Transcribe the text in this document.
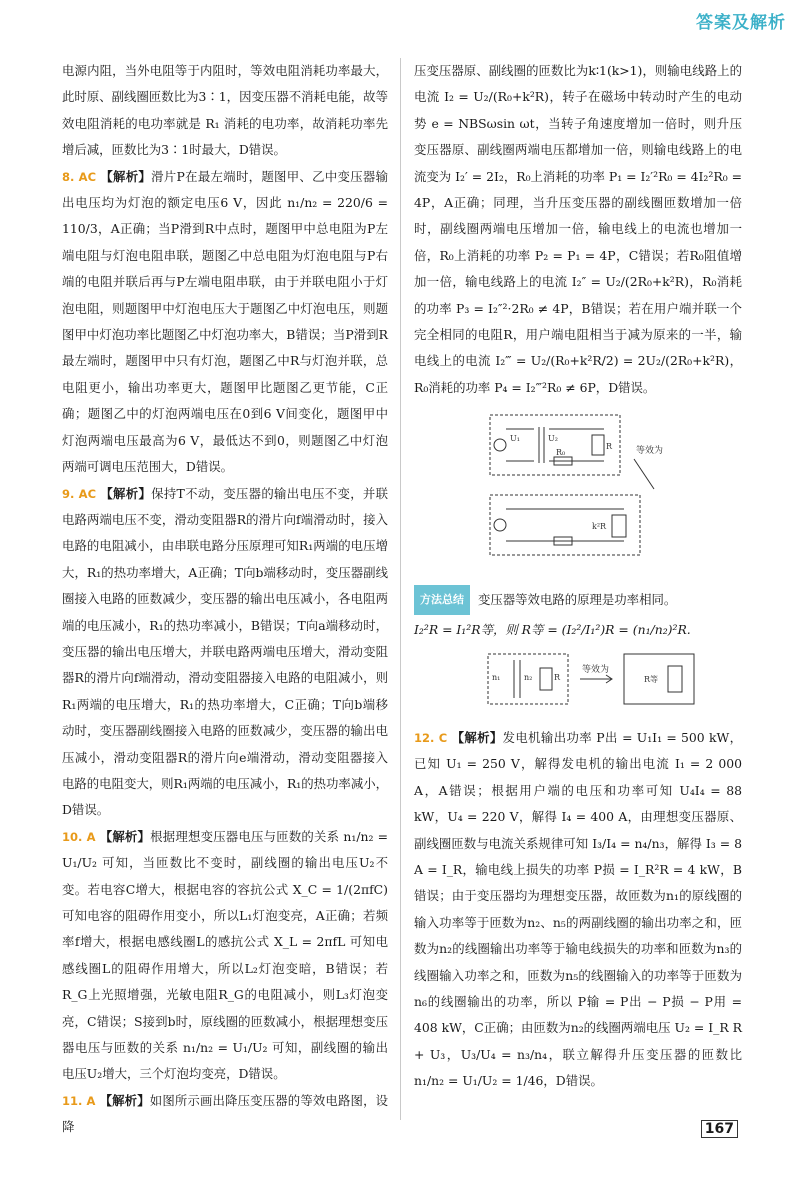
答案及解析

电源内阻，当外电阻等于内阻时，等效电阻消耗功率最大，此时原、副线圈匝数比为3∶1，因变压器不消耗电能，故等效电阻消耗的电功率就是 R₁ 消耗的电功率，故消耗功率先增后减，匝数比为3∶1时最大，D错误。

8. AC 【解析】滑片P在最左端时，题图甲、乙中变压器输出电压均为灯泡的额定电压6 V，因此 n₁/n₂ = 220/6 = 110/3，A正确；当P滑到R中点时，题图甲中总电阻为P左端电阻与灯泡电阻串联，题图乙中总电阻为灯泡电阻与P右端的电阻并联后再与P左端电阻串联，由于并联电阻小于灯泡电阻，则题图甲中灯泡电压大于题图乙中灯泡电压，则题图甲中灯泡功率比题图乙中灯泡功率大，B错误；当P滑到R最左端时，题图甲中只有灯泡，题图乙中R与灯泡并联，总电阻更小，输出功率更大，题图甲比题图乙更节能，C正确；题图乙中的灯泡两端电压在0到6 V间变化，题图甲中灯泡两端电压最高为6 V，最低达不到0，则题图乙中灯泡两端可调电压范围大，D错误。

9. AC 【解析】保持T不动，变压器的输出电压不变，并联电路两端电压不变，滑动变阻器R的滑片向f端滑动时，接入电路的电阻减小，由串联电路分压原理可知R₁两端的电压增大，R₁的热功率增大，A正确；T向b端移动时，变压器副线圈接入电路的匝数减少，变压器的输出电压减小，各电阻两端的电压减小，R₁的热功率减小，B错误；T向a端移动时，变压器的输出电压增大，并联电路两端电压增大，滑动变阻器R的滑片向f端滑动，滑动变阻器接入电路的电阻减小，则R₁两端的电压增大，R₁的热功率增大，C正确；T向b端移动时，变压器副线圈接入电路的匝数减少，变压器的输出电压减小，滑动变阻器R的滑片向e端滑动，滑动变阻器接入电路的电阻变大，则R₁两端的电压减小，R₁的热功率减小，D错误。

10. A 【解析】根据理想变压器电压与匝数的关系 n₁/n₂ = U₁/U₂ 可知，当匝数比不变时，副线圈的输出电压U₂不变。若电容C增大，根据电容的容抗公式 X_C = 1/(2πfC) 可知电容的阻碍作用变小，所以L₁灯泡变亮，A正确；若频率f增大，根据电感线圈L的感抗公式 X_L = 2πfL 可知电感线圈L的阻碍作用增大，所以L₂灯泡变暗，B错误；若R_G上光照增强，光敏电阻R_G的电阻减小，则L₃灯泡变亮，C错误；S接到b时，原线圈的匝数减小，根据理想变压器电压与匝数的关系 n₁/n₂ = U₁/U₂ 可知，副线圈的输出电压U₂增大，三个灯泡均变亮，D错误。

11. A 【解析】如图所示画出降压变压器的等效电路图，设降

压变压器原、副线圈的匝数比为k∶1(k>1)，则输电线路上的电流 I₂ = U₂/(R₀+k²R)，转子在磁场中转动时产生的电动势 e = NBSωsin ωt，当转子角速度增加一倍时，则升压变压器原、副线圈两端电压都增加一倍，则输电线路上的电流变为 I₂′ = 2I₂，R₀上消耗的功率 P₁ = I₂′²R₀ = 4I₂²R₀ = 4P，A正确；同理，当升压变压器的副线圈匝数增加一倍时，副线圈两端电压增加一倍，输电线上的电流也增加一倍，R₀上消耗的功率 P₂ = P₁ = 4P，C错误；若R₀阻值增加一倍，输电线路上的电流 I₂″ = U₂/(2R₀+k²R)，R₀消耗的功率 P₃ = I₂″²·2R₀ ≠ 4P，B错误；若在用户端并联一个完全相同的电阻R，用户端电阻相当于减为原来的一半，输电线上的电流 I₂‴ = U₂/(R₀+k²R/2) = 2U₂/(2R₀+k²R)，R₀消耗的功率 P₄ = I₂‴²R₀ ≠ 6P，D错误。

等效为
U₁	U₂
R₀
R
k²R
方法总结	变压器等效电路的原理是功率相同。

I₂²R = I₁²R等，则 R等 = (I₂²/I₁²)R = (n₁/n₂)²R.

n₁	n₂	R
等效为
R等

12. C 【解析】发电机输出功率 P出 = U₁I₁ = 500 kW，已知 U₁ = 250 V，解得发电机的输出电流 I₁ = 2 000 A，A错误；根据用户端的电压和功率可知 U₄I₄ = 88 kW，U₄ = 220 V，解得 I₄ = 400 A，由理想变压器原、副线圈匝数与电流关系规律可知 I₃/I₄ = n₄/n₃，解得 I₃ = 8 A = I_R，输电线上损失的功率 P损 = I_R²R = 4 kW，B错误；由于变压器均为理想变压器，故匝数为n₁的原线圈的输入功率等于匝数为n₂、n₅的两副线圈的输出功率之和，匝数为n₂的线圈输出功率等于输电线损失的功率和匝数为n₃的线圈输入功率之和，匝数为n₅的线圈输入的功率等于匝数为n₆的线圈输出的功率，所以 P输 = P出 − P损 − P用 = 408 kW，C正确；由匝数为n₂的线圈两端电压 U₂ = I_R R + U₃，U₃/U₄ = n₃/n₄，联立解得升压变压器的匝数比 n₁/n₂ = U₁/U₂ = 1/46，D错误。

167
